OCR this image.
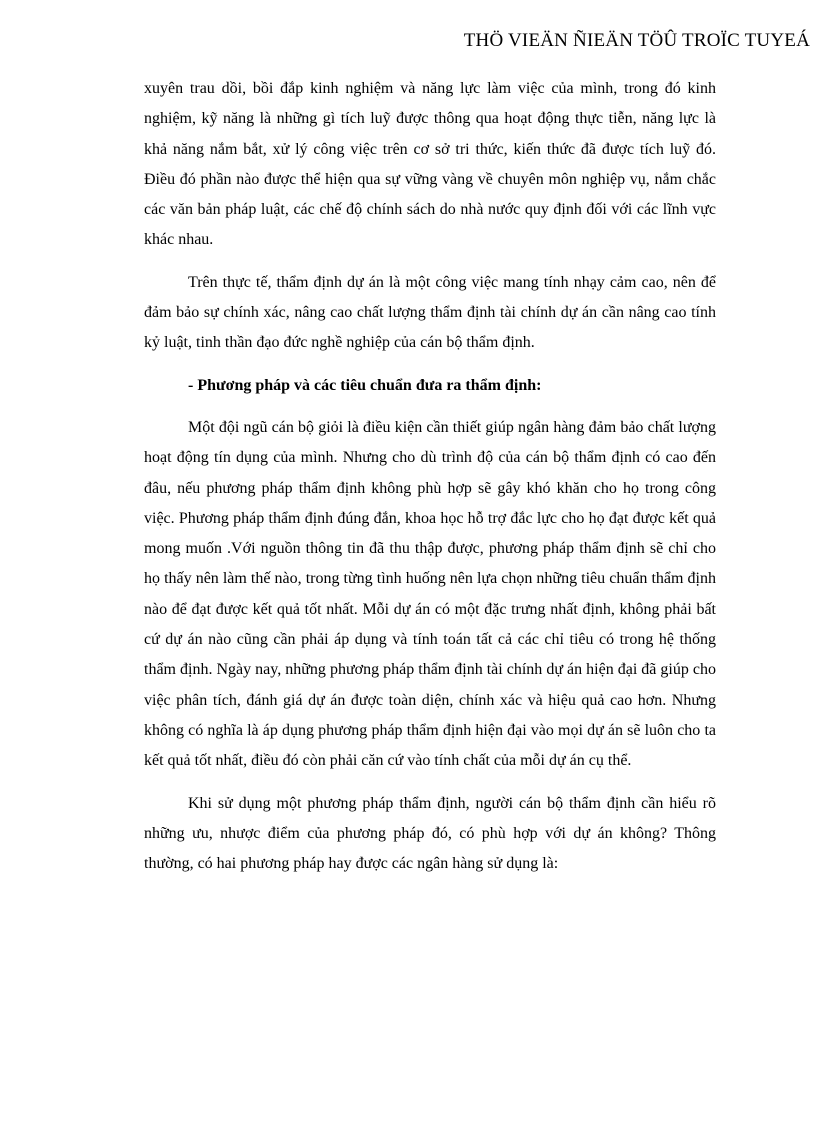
THÖ VIEÄN ÑIEÄN TÖÛ TROÏC TUYEÁ

xuyên trau dồi, bồi đắp kinh nghiệm và năng lực làm việc của mình, trong đó kinh nghiệm, kỹ năng là những gì tích luỹ được thông qua hoạt động thực tiễn, năng lực là khả năng nắm bắt, xử lý công việc trên cơ sở tri thức, kiến thức đã được tích luỹ đó. Điều đó phần nào được thể hiện qua sự vững vàng về chuyên môn nghiệp vụ, nắm chắc các văn bản pháp luật, các chế độ chính sách do nhà nước quy định đối với các lĩnh vực khác nhau.

Trên thực tế, thẩm định dự án là một công việc mang tính nhạy cảm cao, nên để đảm bảo sự chính xác, nâng cao chất lượng thẩm định tài chính dự án cần nâng cao tính kỷ luật, tinh thần đạo đức nghề nghiệp của cán bộ thẩm định.

- Phương pháp và các tiêu chuẩn đưa ra thẩm định:

Một đội ngũ cán bộ giỏi là điều kiện cần thiết giúp ngân hàng đảm bảo chất lượng hoạt động tín dụng của mình. Nhưng cho dù trình độ của cán bộ thẩm định có cao đến đâu, nếu phương pháp thẩm định không phù hợp sẽ gây khó khăn cho họ trong công việc. Phương pháp thẩm định đúng đắn, khoa học hỗ trợ đắc lực cho họ đạt được kết quả mong muốn .Với nguồn thông tin đã thu thập được, phương pháp thẩm định sẽ chỉ cho họ thấy nên làm thế nào, trong từng tình huống nên lựa chọn những tiêu chuẩn thẩm định nào để đạt được kết quả tốt nhất. Mỗi dự án có một đặc trưng nhất định, không phải bất cứ dự án nào cũng cần phải áp dụng và tính toán tất cả các chỉ tiêu có trong hệ thống thẩm định. Ngày nay, những phương pháp thẩm định tài chính dự án hiện đại đã giúp cho việc phân tích, đánh giá dự án được toàn diện, chính xác và hiệu quả cao hơn. Nhưng không có nghĩa là áp dụng phương pháp thẩm định hiện đại vào mọi dự án sẽ luôn cho ta kết quả tốt nhất, điều đó còn phải căn cứ vào tính chất của mỗi dự án cụ thể.

Khi sử dụng một phương pháp thẩm định, người cán bộ thẩm định cần hiểu rõ những ưu, nhược điểm của phương pháp đó, có phù hợp với dự án không? Thông thường, có hai phương pháp hay được các ngân hàng sử dụng là:
